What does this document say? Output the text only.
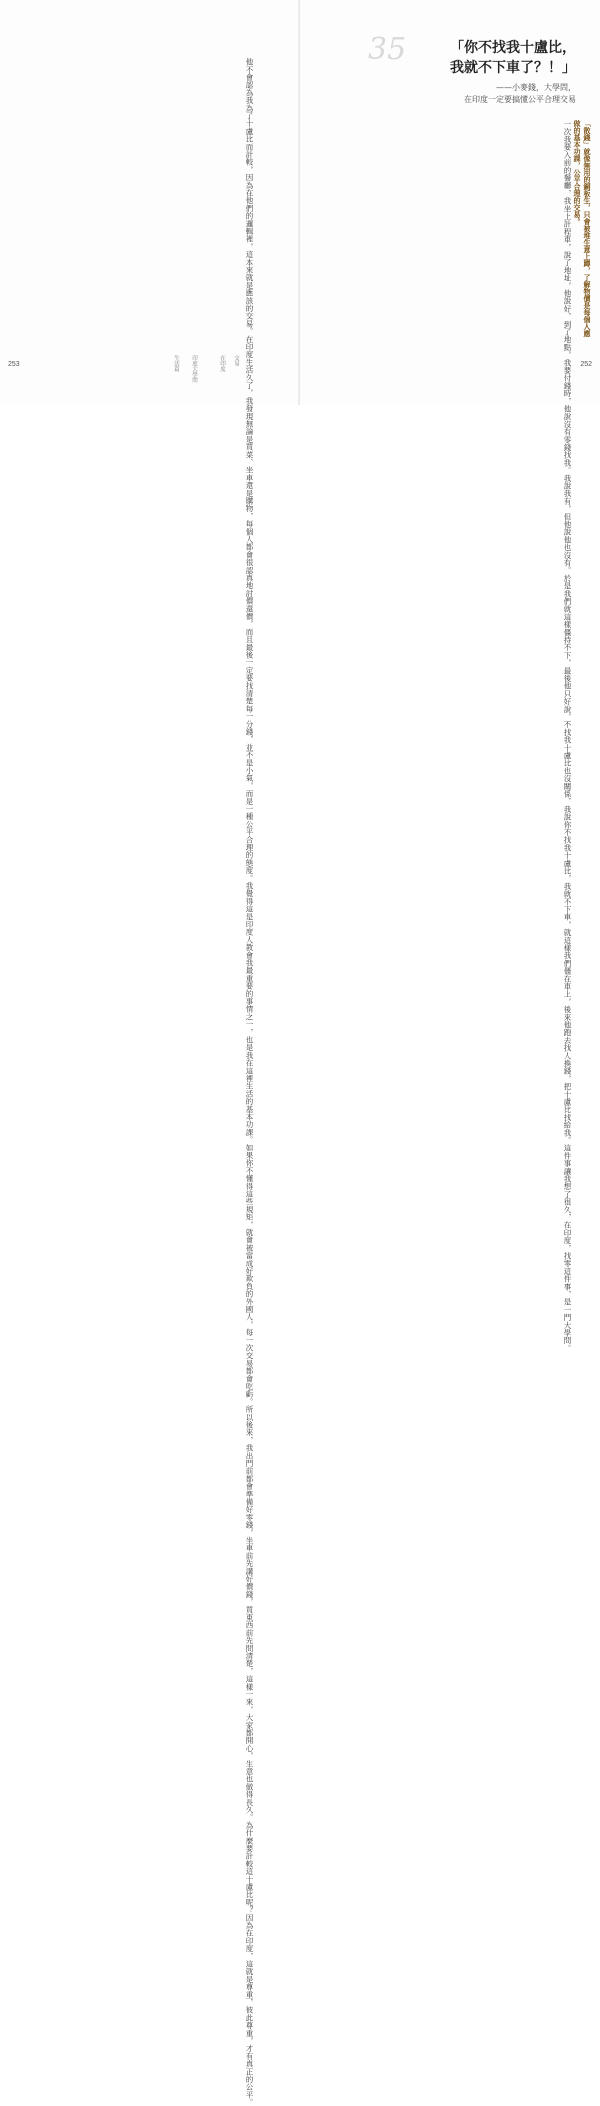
他不會認為我為了十盧比而計較，因為在他們的邏輯裡，這本來就是應該的交易。在印度生活久了，我發現無論是買菜、坐車還是購物，每個人都會很認真地討價還價，而且最後一定要找清楚每一分錢，並不是小氣，而是一種公平合理的態度。我覺得這是印度人教會我最重要的事情之一，也是我在這裡生活的基本功課。如果你不懂得這些規矩，就會被當成好欺負的外國人，每一次交易都會吃虧。所以後來，我出門前都會準備好零錢，坐車前先講好價錢，買東西前先問清楚，這樣一來，大家都開心，生意也做得長久。為什麼要計較這十盧比呢？因為在印度，這就是尊重，彼此尊重，才有真正的公平。
生活篇 印度大學問	在印度 交易
253
35	「你不找我十盧比，
我就不下車了？！」
——小麥錢，大學問，
在印度一定要搞懂公平合理交易
「散錢」就像無用的銅板生，只會被堆生意上蹲，了解物價是每個人應做的基本功課，公平合理的交易。
一次我要入前的餐廳，我坐上計程車，說了地址，他說好，到了地點，我要付錢時，他說沒有零錢找我。我說我有，但他說他也沒有。於是我們就這樣僵持不下，最後他只好說，不找我十盧比也沒關係，我說你不找我十盧比，我就不下車，就這樣我們僵在車上，後來他跑去找人換錢，把十盧比找給我。這件事讓我想了很久，在印度，找零這件事，是一門大學問。 252
